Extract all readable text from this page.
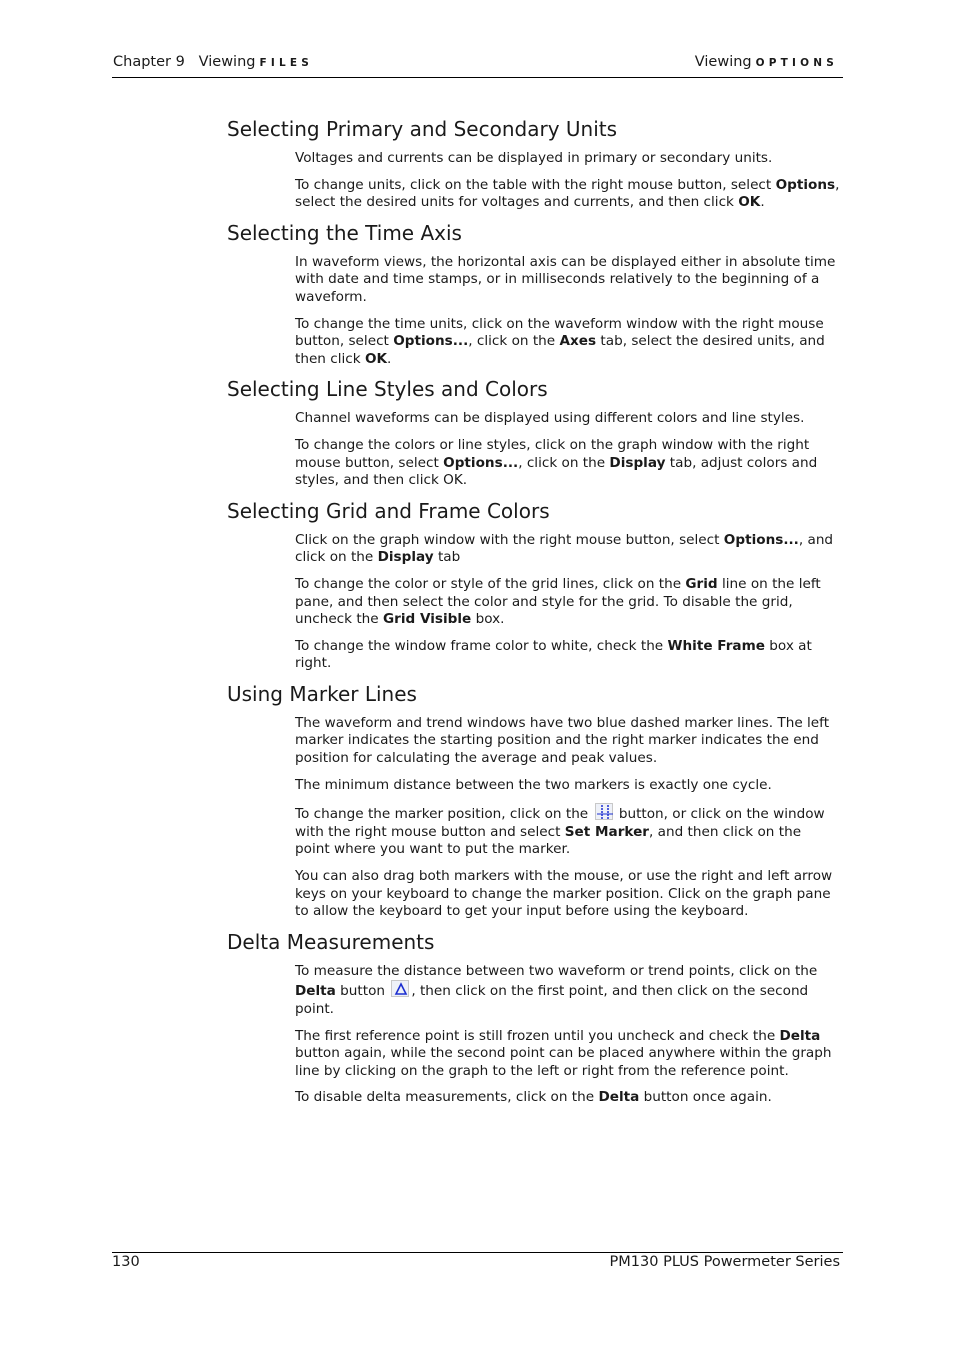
Chapter 9 Viewing FILES	Viewing OPTIONS
Selecting Primary and Secondary Units

Voltages and currents can be displayed in primary or secondary units.

To change units, click on the table with the right mouse button, select Options, select the desired units for voltages and currents, and then click OK.

Selecting the Time Axis

In waveform views, the horizontal axis can be displayed either in absolute time with date and time stamps, or in milliseconds relatively to the beginning of a waveform.

To change the time units, click on the waveform window with the right mouse button, select Options..., click on the Axes tab, select the desired units, and then click OK.

Selecting Line Styles and Colors

Channel waveforms can be displayed using different colors and line styles.

To change the colors or line styles, click on the graph window with the right mouse button, select Options..., click on the Display tab, adjust colors and styles, and then click OK.

Selecting Grid and Frame Colors

Click on the graph window with the right mouse button, select Options..., and click on the Display tab

To change the color or style of the grid lines, click on the Grid line on the left pane, and then select the color and style for the grid. To disable the grid, uncheck the Grid Visible box.

To change the window frame color to white, check the White Frame box at right.

Using Marker Lines

The waveform and trend windows have two blue dashed marker lines. The left marker indicates the starting position and the right marker indicates the end position for calculating the average and peak values.

The minimum distance between the two markers is exactly one cycle.

To change the marker position, click on the
button, or click on the window with the right mouse button and select Set Marker, and then click on the point where you want to put the marker.

You can also drag both markers with the mouse, or use the right and left arrow keys on your keyboard to change the marker position. Click on the graph pane to allow the keyboard to get your input before using the keyboard.

Delta Measurements

To measure the distance between two waveform or trend points, click on the Delta button
, then click on the first point, and then click on the second point.

The first reference point is still frozen until you uncheck and check the Delta button again, while the second point can be placed anywhere within the graph line by clicking on the graph to the left or right from the reference point.

To disable delta measurements, click on the Delta button once again.

130	PM130 PLUS Powermeter Series
